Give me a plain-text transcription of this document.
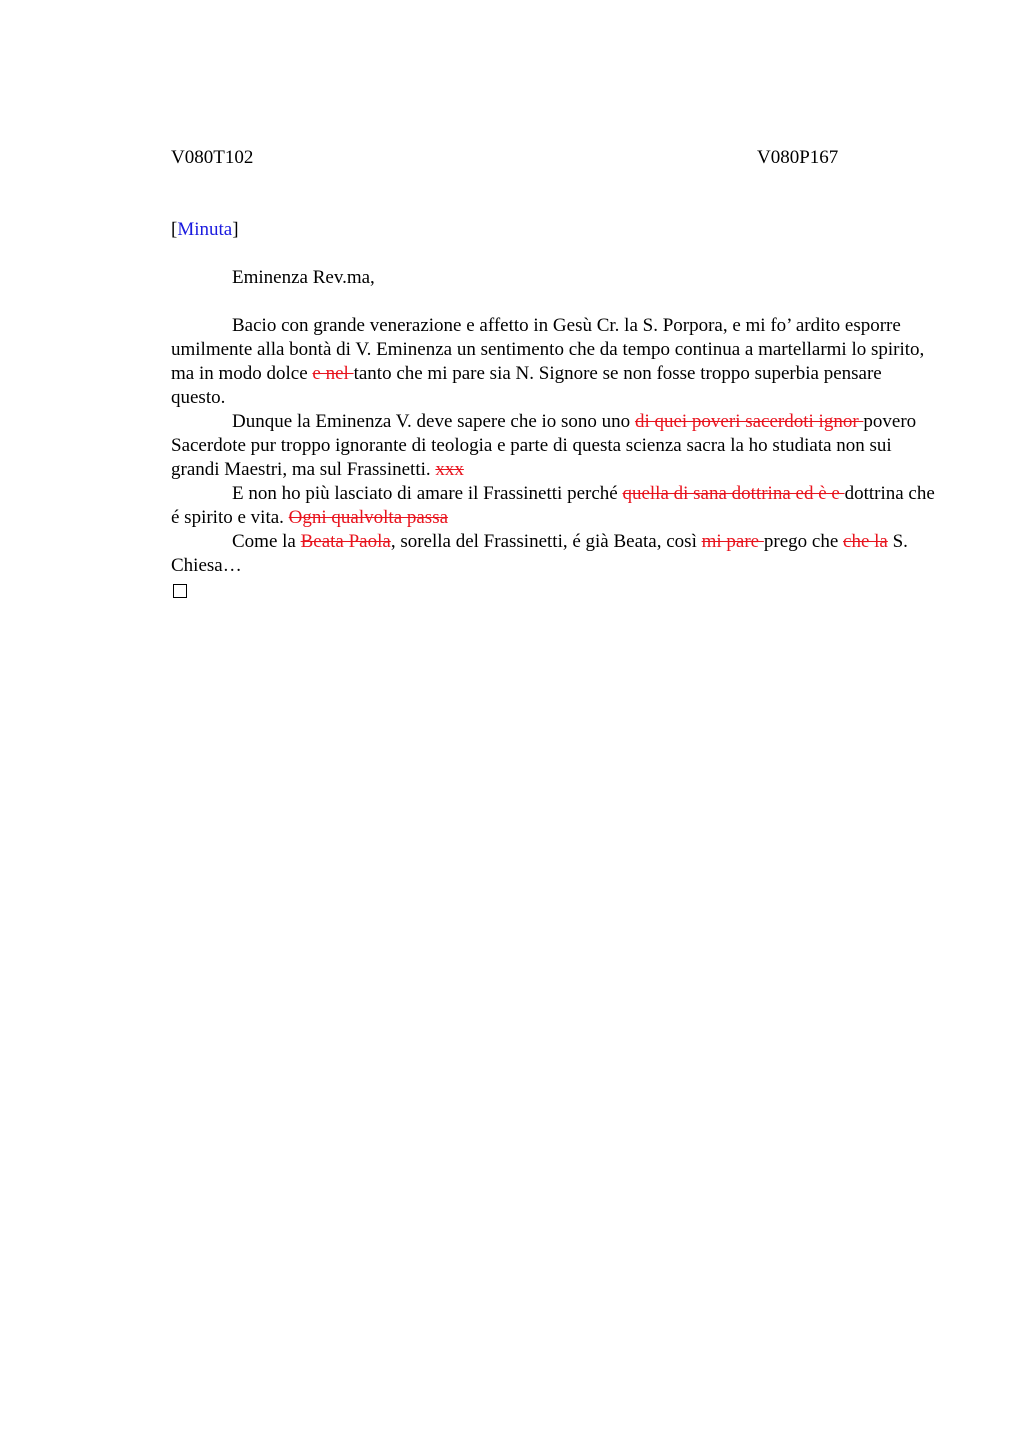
V080T102	V080P167
[Minuta]
Eminenza Rev.ma,

Bacio con grande venerazione e affetto in Gesù Cr. la S. Porpora, e mi fo’ ardito esporre umilmente alla bontà di V. Eminenza un sentimento che da tempo continua a martellarmi lo spirito, ma in modo dolce e nel tanto che mi pare sia N. Signore se non fosse troppo superbia pensare questo.

Dunque la Eminenza V. deve sapere che io sono uno di quei poveri sacerdoti ignor povero Sacerdote pur troppo ignorante di teologia e parte di questa scienza sacra la ho studiata non sui grandi Maestri, ma sul Frassinetti. xxx

E non ho più lasciato di amare il Frassinetti perché quella di sana dottrina ed è e dottrina che é spirito e vita. Ogni qualvolta passa

Come la Beata Paola, sorella del Frassinetti, é già Beata, così mi pare prego che che la S. Chiesa…
